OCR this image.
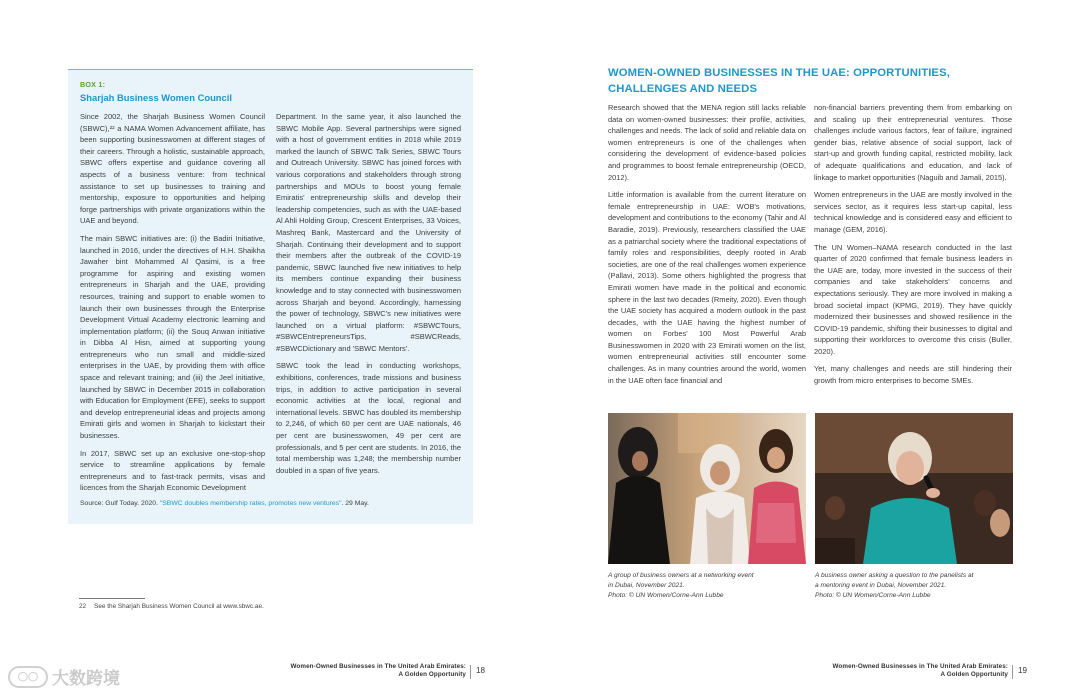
BOX 1:
Sharjah Business Women Council

Since 2002, the Sharjah Business Women Council (SBWC),²² a NAMA Women Advancement affiliate, has been supporting businesswomen at different stages of their careers. Through a holistic, sustainable approach, SBWC offers expertise and guidance covering all aspects of a business venture: from technical assistance to set up businesses to training and mentorship, exposure to opportunities and helping forge partnerships with private organizations within the UAE and beyond.

The main SBWC initiatives are: (i) the Badiri Initiative, launched in 2016, under the directives of H.H. Shaikha Jawaher bint Mohammed Al Qasimi, is a free programme for aspiring and existing women entrepreneurs in Sharjah and the UAE, providing resources, training and support to enable women to launch their own businesses through the Enterprise Development Virtual Academy electronic learning and implementation platform; (ii) the Souq Anwan initiative in Dibba Al Hisn, aimed at supporting young entrepreneurs who run small and middle-sized enterprises in the UAE, by providing them with office space and relevant training; and (iii) the Jeel initiative, launched by SBWC in December 2015 in collaboration with Education for Employment (EFE), seeks to support and develop entrepreneurial ideas and projects among Emirati girls and women in Sharjah to kickstart their businesses.

In 2017, SBWC set up an exclusive one-stop-shop service to streamline applications by female entrepreneurs and to fast-track permits, visas and licences from the Sharjah Economic Development

Department. In the same year, it also launched the SBWC Mobile App. Several partnerships were signed with a host of government entities in 2018 while 2019 marked the launch of SBWC Talk Series, SBWC Tours and Outreach University. SBWC has joined forces with various corporations and stakeholders through strong partnerships and MOUs to boost young female Emiratis' entrepreneurship skills and develop their leadership competencies, such as with the UAE-based Al Ahli Holding Group, Crescent Enterprises, 33 Voices, Mashreq Bank, Mastercard and the University of Sharjah. Continuing their development and to support their members after the outbreak of the COVID-19 pandemic, SBWC launched five new initiatives to help its members continue expanding their business knowledge and to stay connected with businesswomen across Sharjah and beyond. Accordingly, harnessing the power of technology, SBWC's new initiatives were launched on a virtual platform: #SBWCTours, #SBWCEntrepreneursTips, #SBWCReads, #SBWCDictionary and 'SBWC Mentors'.

SBWC took the lead in conducting workshops, exhibitions, conferences, trade missions and business trips, in addition to active participation in several economic activities at the local, regional and international levels. SBWC has doubled its membership to 2,246, of which 60 per cent are UAE nationals, 46 per cent are businesswomen, 49 per cent are professionals, and 5 per cent are students. In 2016, the total membership was 1,248; the membership number doubled in a span of five years.

Source: Gulf Today. 2020. "SBWC doubles membership rates, promotes new ventures". 29 May.
22 See the Sharjah Business Women Council at www.sbwc.ae.
◯◯ 大数跨境
Women-Owned Businesses in The United Arab Emirates:
A Golden Opportunity 18
WOMEN-OWNED BUSINESSES IN THE UAE: OPPORTUNITIES, CHALLENGES AND NEEDS

Research showed that the MENA region still lacks reliable data on women-owned businesses: their profile, activities, challenges and needs. The lack of solid and reliable data on women entrepreneurs is one of the challenges when considering the development of evidence-based policies and programmes to boost female entrepreneurship (OECD, 2012).

Little information is available from the current literature on female entrepreneurship in UAE: WOB's motivations, development and contributions to the economy (Tahir and Al Baradie, 2019). Previously, researchers classified the UAE as a patriarchal society where the traditional expectations of family roles and responsibilities, deeply rooted in Arab societies, are one of the real challenges women experience (Pallavi, 2013). Some others highlighted the progress that Emirati women have made in the political and economic sphere in the last two decades (Rmeity, 2020). Even though the UAE society has acquired a modern outlook in the past decades, with the UAE having the highest number of women on Forbes' 100 Most Powerful Arab Businesswomen in 2020 with 23 Emirati women on the list, women entrepreneurial activities still encounter some challenges. As in many countries around the world, women in the UAE often face financial and

non-financial barriers preventing them from embarking on and scaling up their entrepreneurial ventures. Those challenges include various factors, fear of failure, ingrained gender bias, relative absence of social support, lack of start-up and growth funding capital, restricted mobility, lack of adequate qualifications and education, and lack of linkage to market opportunities (Naguib and Jamali, 2015).

Women entrepreneurs in the UAE are mostly involved in the services sector, as it requires less start-up capital, less technical knowledge and is considered easy and efficient to manage (GEM, 2016).

The UN Women–NAMA research conducted in the last quarter of 2020 confirmed that female business leaders in the UAE are, today, more invested in the success of their companies and take stakeholders' concerns and expectations seriously. They are more involved in making a broad societal impact (KPMG, 2019). They have quickly modernized their businesses and showed resilience in the COVID-19 pandemic, shifting their businesses to digital and supporting their workforces to overcome this crisis (Buller, 2020).

Yet, many challenges and needs are still hindering their growth from micro enterprises to become SMEs.

A group of business owners at a networking event
in Dubai, November 2021.
Photo: © UN Women/Corne-Ann Lubbe
A business owner asking a question to the panelists at
a mentoring event in Dubai, November 2021.
Photo: © UN Women/Corne-Ann Lubbe
Women-Owned Businesses in The United Arab Emirates:
A Golden Opportunity 19
